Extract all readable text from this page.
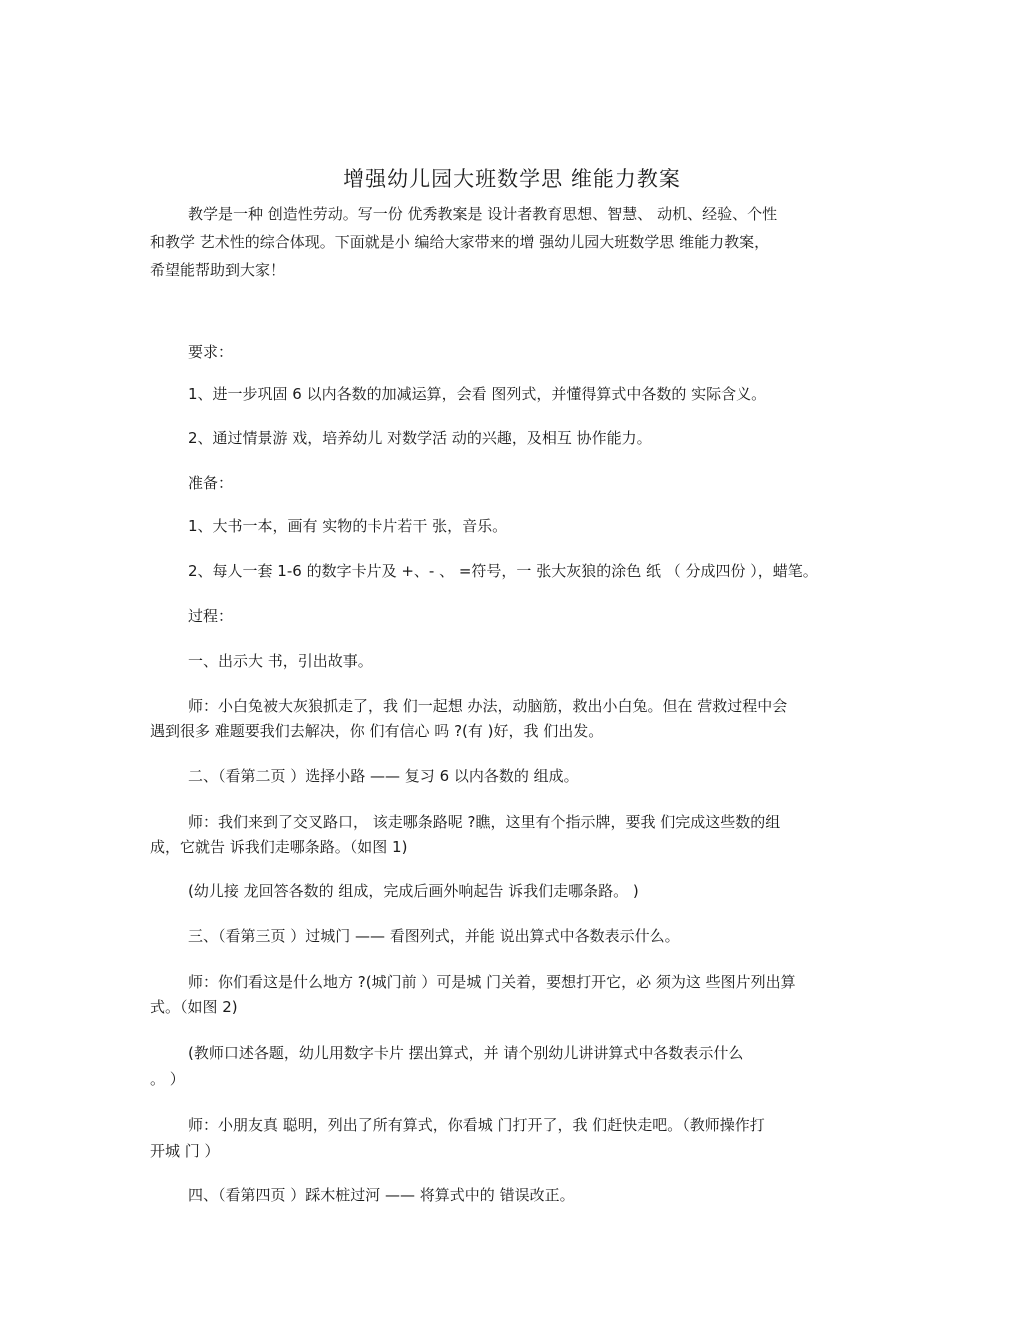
增强幼儿园大班数学思 维能力教案
教学是一种 创造性劳动。写一份 优秀教案是 设计者教育思想、智慧、 动机、经验、个性
和教学 艺术性的综合体现。下面就是小 编给大家带来的增 强幼儿园大班数学思 维能力教案，
希望能帮助到大家！
要求：
1、进一步巩固 6 以内各数的加减运算，会看 图列式，并懂得算式中各数的 实际含义。
2、通过情景游 戏，培养幼儿 对数学活 动的兴趣，及相互 协作能力。
准备：
1、大书一本，画有 实物的卡片若干 张，音乐。
2、每人一套 1-6 的数字卡片及 +、- 、 =符号，一 张大灰狼的涂色 纸 （ 分成四份 ），蜡笔。
过程：
一、出示大 书，引出故事。
师：小白兔被大灰狼抓走了，我 们一起想 办法，动脑筋，救出小白兔。但在 营救过程中会
遇到很多 难题要我们去解决，你 们有信心 吗 ?(有 )好，我 们出发。
二、（看第二页 ）选择小路 —— 复习 6 以内各数的 组成。
师：我们来到了交叉路口， 该走哪条路呢 ?瞧，这里有个指示牌，要我 们完成这些数的组
成，它就告 诉我们走哪条路。（如图 1)
(幼儿接 龙回答各数的 组成，完成后画外响起告 诉我们走哪条路。 )
三、（看第三页 ）过城门 —— 看图列式，并能 说出算式中各数表示什么。
师：你们看这是什么地方 ?(城门前 ）可是城 门关着，要想打开它，必 须为这 些图片列出算
式。（如图 2)
(教师口述各题，幼儿用数字卡片 摆出算式，并 请个别幼儿讲讲算式中各数表示什么
。 ）
师：小朋友真 聪明，列出了所有算式，你看城 门打开了，我 们赶快走吧。（教师操作打
开城 门 ）
四、（看第四页 ）踩木桩过河 —— 将算式中的 错误改正。
